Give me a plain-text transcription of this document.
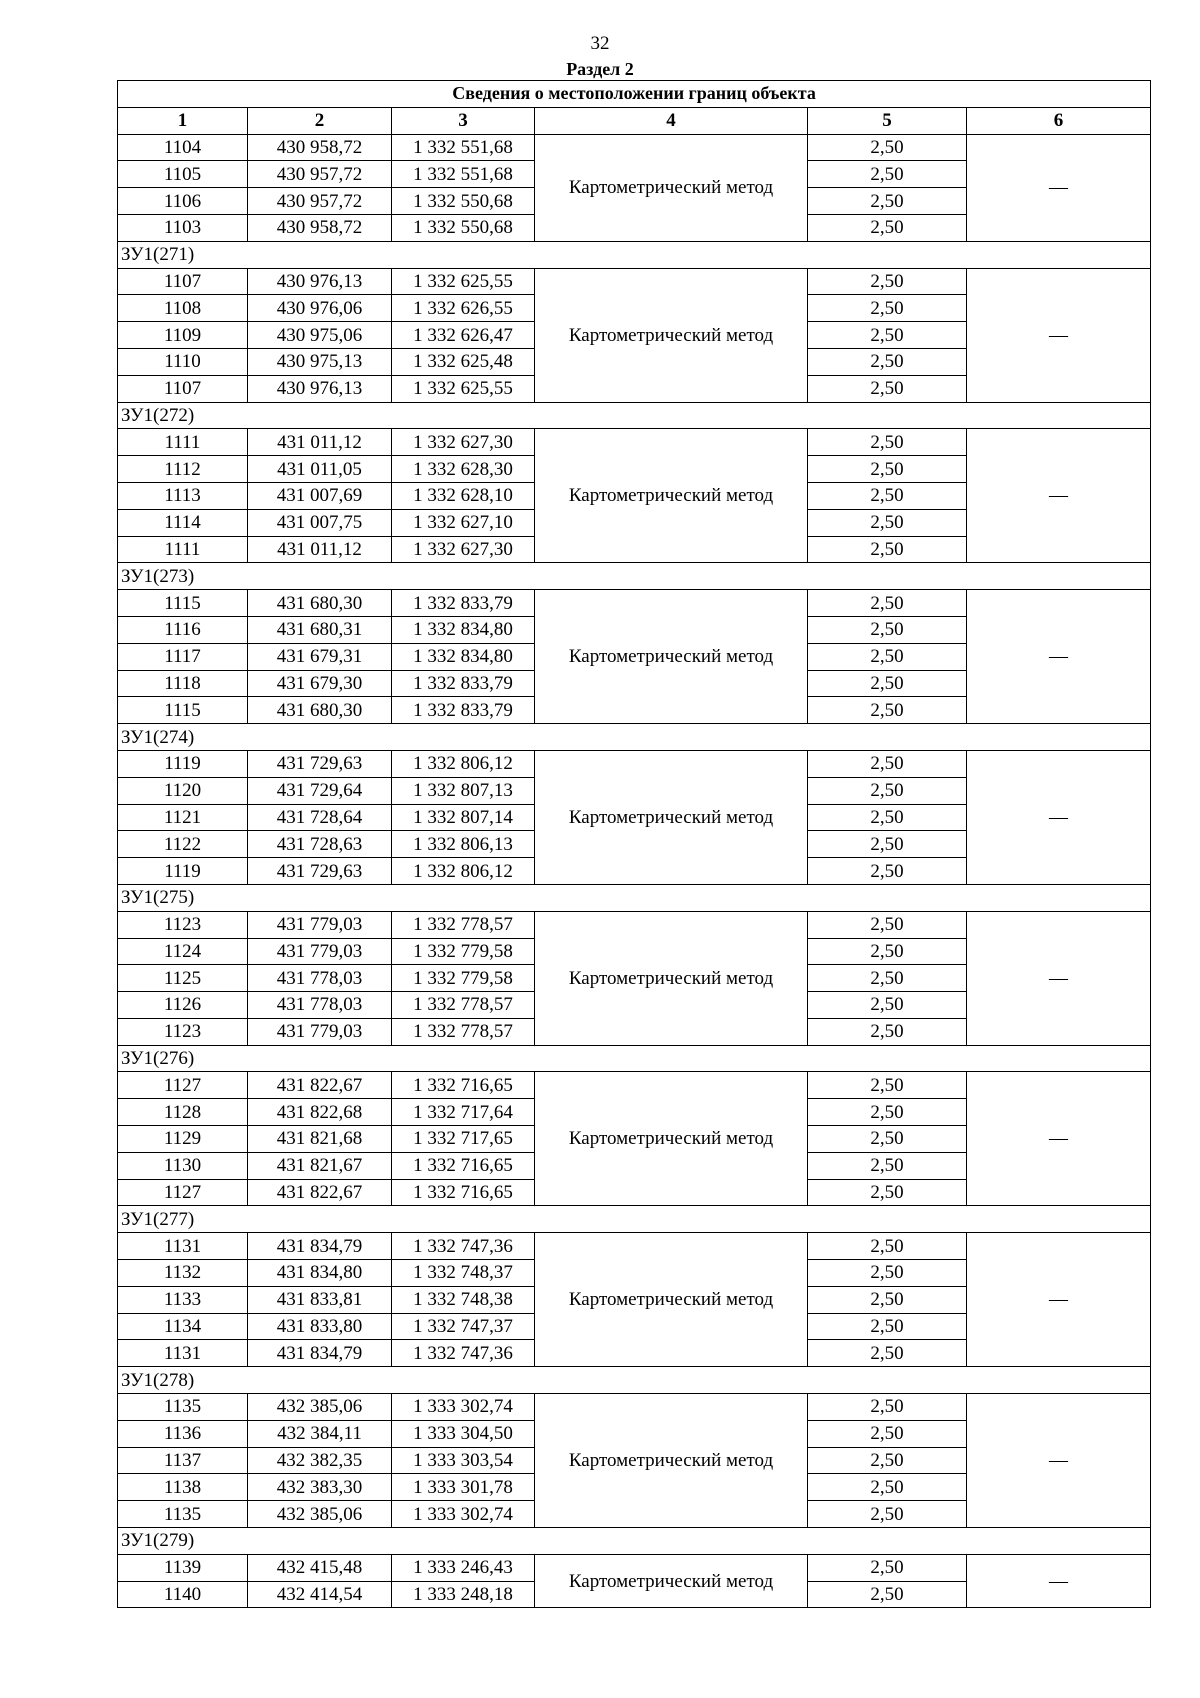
32
Раздел 2
Сведения о местоположении границ объекта					
1	2	3	4	5	6
1104	430 958,72	1 332 551,68	Картометрический метод	2,50	—
1105	430 957,72	1 332 551,68		2,50	
1106	430 957,72	1 332 550,68		2,50	
1103	430 958,72	1 332 550,68		2,50	
ЗУ1(271)					
1107	430 976,13	1 332 625,55	Картометрический метод	2,50	—
1108	430 976,06	1 332 626,55		2,50	
1109	430 975,06	1 332 626,47		2,50	
1110	430 975,13	1 332 625,48		2,50	
1107	430 976,13	1 332 625,55		2,50	
ЗУ1(272)					
1111	431 011,12	1 332 627,30	Картометрический метод	2,50	—
1112	431 011,05	1 332 628,30		2,50	
1113	431 007,69	1 332 628,10		2,50	
1114	431 007,75	1 332 627,10		2,50	
1111	431 011,12	1 332 627,30		2,50	
ЗУ1(273)					
1115	431 680,30	1 332 833,79	Картометрический метод	2,50	—
1116	431 680,31	1 332 834,80		2,50	
1117	431 679,31	1 332 834,80		2,50	
1118	431 679,30	1 332 833,79		2,50	
1115	431 680,30	1 332 833,79		2,50	
ЗУ1(274)					
1119	431 729,63	1 332 806,12	Картометрический метод	2,50	—
1120	431 729,64	1 332 807,13		2,50	
1121	431 728,64	1 332 807,14		2,50	
1122	431 728,63	1 332 806,13		2,50	
1119	431 729,63	1 332 806,12		2,50	
ЗУ1(275)					
1123	431 779,03	1 332 778,57	Картометрический метод	2,50	—
1124	431 779,03	1 332 779,58		2,50	
1125	431 778,03	1 332 779,58		2,50	
1126	431 778,03	1 332 778,57		2,50	
1123	431 779,03	1 332 778,57		2,50	
ЗУ1(276)					
1127	431 822,67	1 332 716,65	Картометрический метод	2,50	—
1128	431 822,68	1 332 717,64		2,50	
1129	431 821,68	1 332 717,65		2,50	
1130	431 821,67	1 332 716,65		2,50	
1127	431 822,67	1 332 716,65		2,50	
ЗУ1(277)					
1131	431 834,79	1 332 747,36	Картометрический метод	2,50	—
1132	431 834,80	1 332 748,37		2,50	
1133	431 833,81	1 332 748,38		2,50	
1134	431 833,80	1 332 747,37		2,50	
1131	431 834,79	1 332 747,36		2,50	
ЗУ1(278)					
1135	432 385,06	1 333 302,74	Картометрический метод	2,50	—
1136	432 384,11	1 333 304,50		2,50	
1137	432 382,35	1 333 303,54		2,50	
1138	432 383,30	1 333 301,78		2,50	
1135	432 385,06	1 333 302,74		2,50	
ЗУ1(279)					
1139	432 415,48	1 333 246,43	Картометрический метод	2,50	—
1140	432 414,54	1 333 248,18		2,50	
